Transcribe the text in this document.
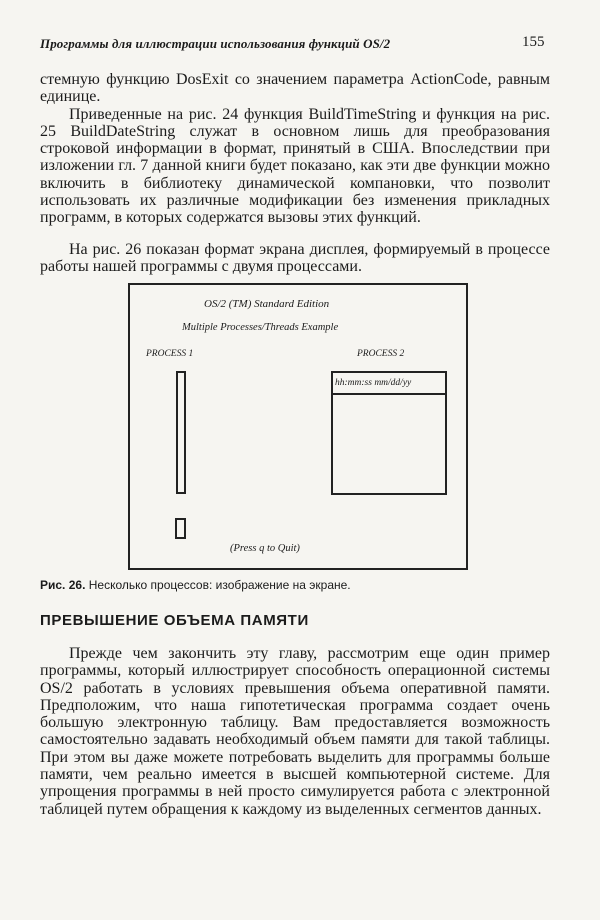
Программы для иллюстрации использования функций OS/2	155

стемную функцию DosExit со значением параметра ActionCode, равным единице.

Приведенные на рис. 24 функция BuildTimeString и функция на рис. 25 BuildDateString служат в основном лишь для преобразования строковой информации в формат, принятый в США. Впоследствии при изложении гл. 7 данной книги будет показано, как эти две функции можно включить в библиотеку динамической компановки, что позволит использовать их различные модификации без изменения прикладных программ, в которых содержатся вызовы этих функций.

На рис. 26 показан формат экрана дисплея, формируемый в процессе работы нашей программы с двумя процессами.

OS/2 (TM) Standard Edition
Multiple Processes/Threads Example
PROCESS 1	PROCESS 2
hh:mm:ss mm/dd/yy
(Press q to Quit)
Рис. 26. Несколько процессов: изображение на экране.
ПРЕВЫШЕНИЕ ОБЪЕМА ПАМЯТИ

Прежде чем закончить эту главу, рассмотрим еще один пример программы, который иллюстрирует способность операционной системы OS/2 работать в условиях превышения объема оперативной памяти. Предположим, что наша гипотетическая программа создает очень большую электронную таблицу. Вам предоставляется возможность самостоятельно задавать необходимый объем памяти для такой таблицы. При этом вы даже можете потребовать выделить для программы больше памяти, чем реально имеется в высшей компьютерной системе. Для упрощения программы в ней просто симулируется работа с электронной таблицей путем обращения к каждому из выделенных сегментов данных.
